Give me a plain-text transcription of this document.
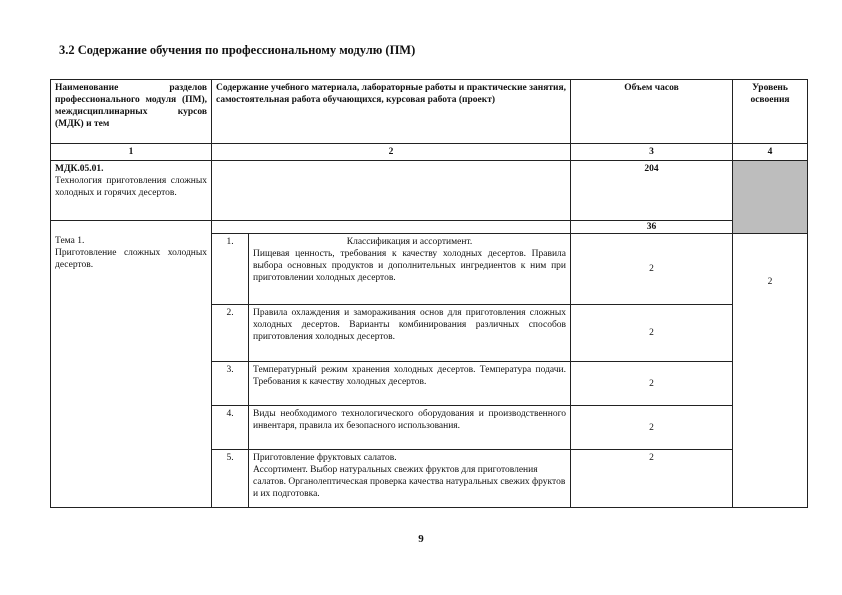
3.2 Содержание обучения по профессиональному модулю (ПМ)
Наименование разделов профессионального модуля (ПМ), междисциплинарных курсов (МДК) и тем	Содержание учебного материала, лабораторные работы и практические занятия, самостоятельная работа обучающихся, курсовая работа (проект)		Объем часов	Уровень освоения
1	2		3	4

МДК.05.01.
Технология приготовления сложных холодных и горячих десертов.			204	

Тема 1.
Приготовление сложных холодных десертов.			36	
	1.	Классификация и ассортимент.
Пищевая ценность, требования к качеству холодных десертов. Правила выбора основных продуктов и дополнительных ингредиентов к ним при приготовлении холодных десертов.	2	2
	2.	Правила охлаждения и замораживания основ для приготовления сложных холодных десертов. Варианты комбинирования различных способов приготовления холодных десертов.	2	
	3.	Температурный режим хранения холодных десертов. Температура подачи. Требования к качеству холодных десертов.	2	
	4.	Виды необходимого технологического оборудования и производственного инвентаря, правила их безопасного использования.	2	
	5.	Приготовление фруктовых салатов.
Ассортимент. Выбор натуральных свежих фруктов для приготовления салатов. Органолептическая проверка качества натуральных свежих фруктов и их подготовка.	2	
9
